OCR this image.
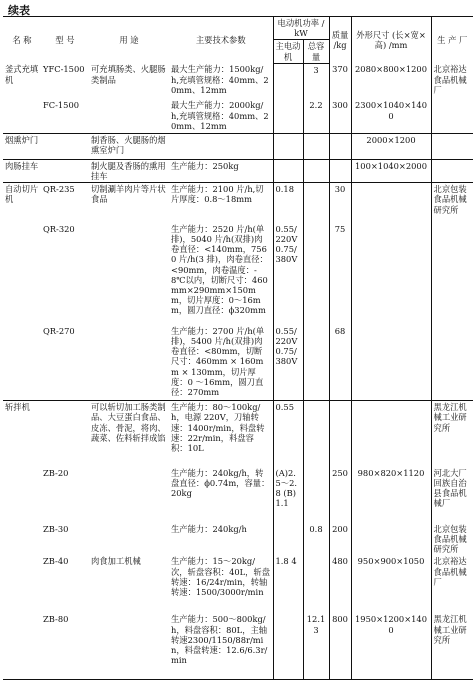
续表
名 称	型 号	用 途	主要技术参数	电动机功率 /kW		质量 /kg	外形尺寸 (长×宽×高) /mm	生 产 厂
				主电动机	总容量			
釜式充填机	YFC-1500	可充填肠类、火腿肠类制品	最大生产能力：1500kg/h,充填管规格：40mm、20mm、12mm		3	370	2080×800×1200	北京裕达食品机械厂
	FC-1500		最大生产能力：2000kg/h,充填管规格：40mm、20mm、12mm		2.2	300	2300×1040×1400	
烟熏炉门		制香肠、火腿肠的烟熏室炉门					2000×1200	
肉肠挂车		制火腿及香肠的熏用挂车	生产能力：250kg				100×1040×2000	
自动切片机	QR-235	切制涮羊肉片等片状食品	生产能力：2100 片/h,切片厚度：0.8～18mm	0.18		30		北京包装食品机械研究所
	QR-320		生产能力：2520 片/h(单排)，5040 片/h(双排)肉卷直径：<140mm，7560 片/h(3 排)，肉卷直径：<90mm，肉卷温度：-8℃以内，切断尺寸：460mm×290mm×150mm，切片厚度：0～16mm，圆刀直径：ϕ320mm	0.55/220V 0.75/380V		75		
	QR-270		生产能力：2700 片/h(单排)，5400 片/h(双排)肉卷直径：<80mm，切断尺寸：460mm × 160mm × 130mm，切片厚度：0 ～16mm，圆刀直径：270mm	0.55/220V 0.75/380V		68		
斩拌机		可以斩切加工肠类制品、大豆蛋白食品、皮冻、骨泥，将肉、蔬菜、佐料斩拌成馅	生产能力：80～100kg/h，电源 220V，刀轴转速：1400r/min，料盘转速：22r/min，料盘容积：10L	0.55				黑龙江机械工业研究所
	ZB-20		生产能力：240kg/h，转盘直径：ϕ0.74m，容量：20kg	(A)2.5～2.8 (B) 1.1		250	980×820×1120	河北大厂回族自治县食品机械厂
	ZB-30		生产能力：240kg/h		0.8	200		北京包装食品机械研究所
	ZB-40	肉食加工机械	生产能力：15～20kg/次，斩盘容积：40L，斩盘转速：16/24r/min，转轴转速：1500/3000r/min	1.8 4		480	950×900×1050	北京裕达食品机械厂
	ZB-80		生产能力：500～800kg/h，料盘容积：80L，主轴转速2300/1150/88r/min，料盘转速：12.6/6.3r/min		12.13	800	1950×1200×1400	黑龙江机械工业研究所
